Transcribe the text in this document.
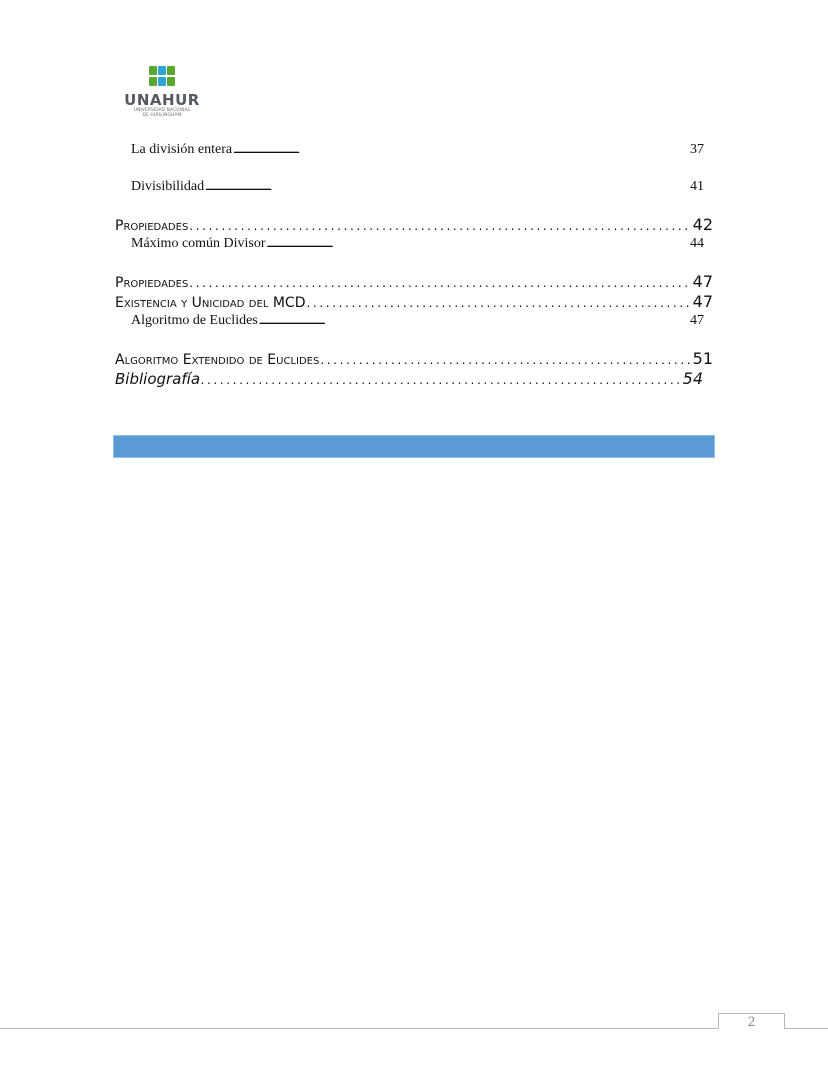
UNAHUR
UNIVERSIDAD NACIONAL
DE HURLINGHAM
La división entera . . .	37
Divisibilidad . . .	41
Propiedades . . .	42
Máximo común Divisor . . .	44
Propiedades . . .	47
Existencia y Unicidad del MCD . . .	47
Algoritmo de Euclides . . .	47
Algoritmo Extendido de Euclides . . .	51
Bibliografía . . .	54
2
